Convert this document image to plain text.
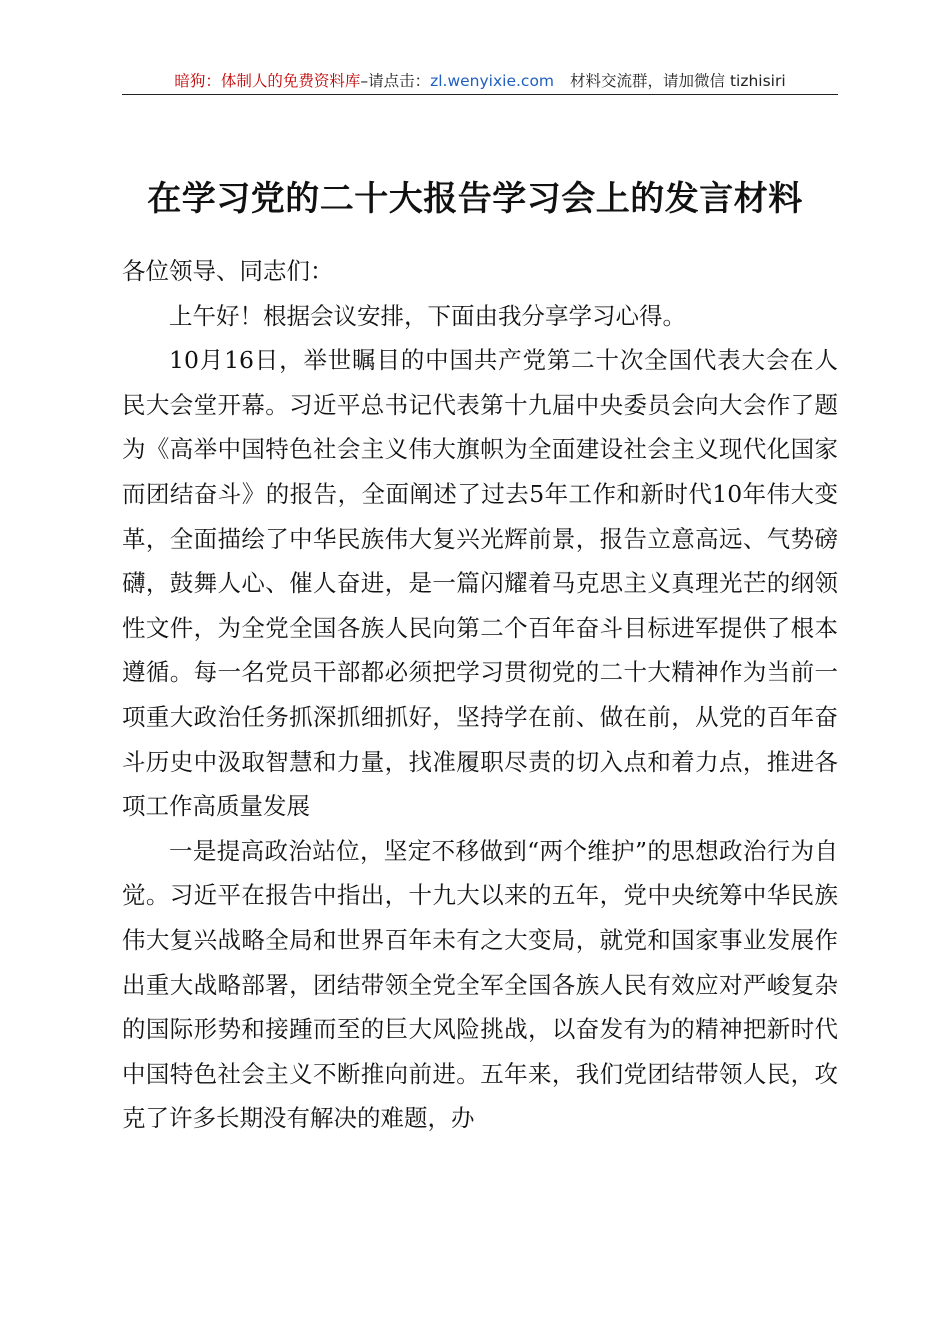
暗狗：体制人的免费资料库–请点击：zl.wenyixie.com 材料交流群，请加微信 tizhisiri
在学习党的二十大报告学习会上的发言材料

各位领导、同志们：

上午好！根据会议安排，下面由我分享学习心得。

10月16日，举世瞩目的中国共产党第二十次全国代表大会在人民大会堂开幕。习近平总书记代表第十九届中央委员会向大会作了题为《高举中国特色社会主义伟大旗帜为全面建设社会主义现代化国家而团结奋斗》的报告，全面阐述了过去5年工作和新时代10年伟大变革，全面描绘了中华民族伟大复兴光辉前景，报告立意高远、气势磅礴，鼓舞人心、催人奋进，是一篇闪耀着马克思主义真理光芒的纲领性文件，为全党全国各族人民向第二个百年奋斗目标进军提供了根本遵循。每一名党员干部都必须把学习贯彻党的二十大精神作为当前一项重大政治任务抓深抓细抓好，坚持学在前、做在前，从党的百年奋斗历史中汲取智慧和力量，找准履职尽责的切入点和着力点，推进各项工作高质量发展

一是提高政治站位，坚定不移做到“两个维护”的思想政治行为自觉。习近平在报告中指出，十九大以来的五年，党中央统筹中华民族伟大复兴战略全局和世界百年未有之大变局，就党和国家事业发展作出重大战略部署，团结带领全党全军全国各族人民有效应对严峻复杂的国际形势和接踵而至的巨大风险挑战，以奋发有为的精神把新时代中国特色社会主义不断推向前进。五年来，我们党团结带领人民，攻克了许多长期没有解决的难题，办
